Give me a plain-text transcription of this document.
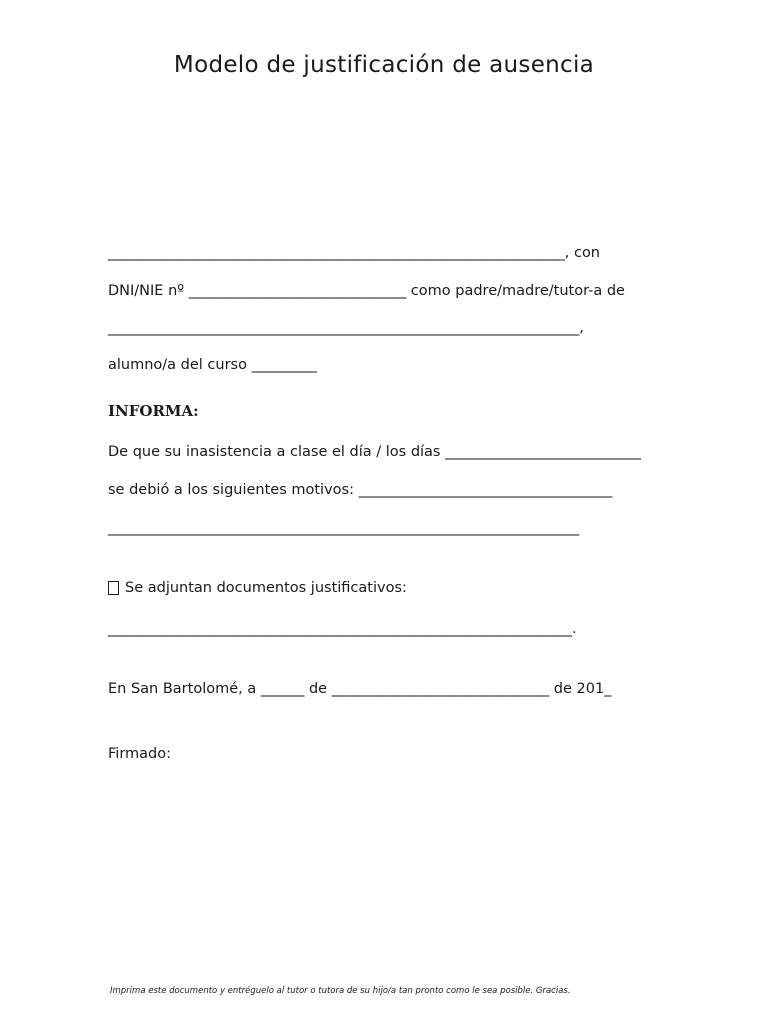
Modelo de justificación de ausencia

_______________________________________________________________, con

DNI/NIE nº ______________________________ como padre/madre/tutor-a de

_________________________________________________________________,

alumno/a del curso _________

INFORMA:

De que su inasistencia a clase el día / los días ___________________________

se debió a los siguientes motivos: ___________________________________

_________________________________________________________________

Se adjuntan documentos justificativos:

________________________________________________________________.

En San Bartolomé, a ______ de ______________________________ de 201_

Firmado:

Imprima este documento y entréguelo al tutor o tutora de su hijo/a tan pronto como le sea posible. Gracias.
